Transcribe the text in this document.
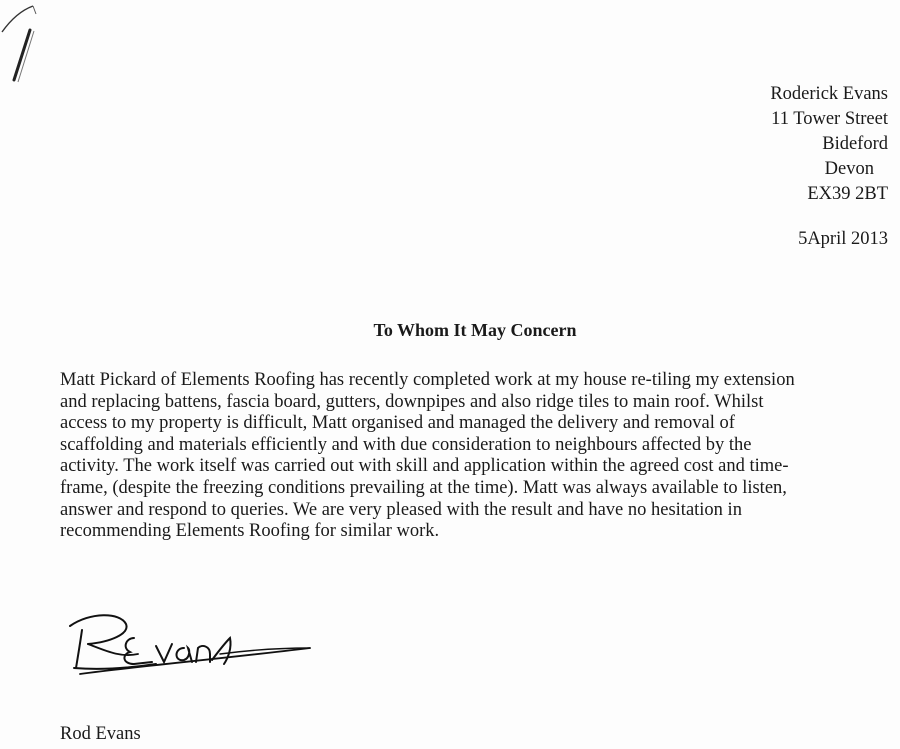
Roderick Evans
11 Tower Street
Bideford
Devon
EX39 2BT
5April 2013
To Whom It May Concern
Matt Pickard of Elements Roofing has recently completed work at my house re-tiling my extension
and replacing battens, fascia board, gutters, downpipes and also ridge tiles to main roof. Whilst
access to my property is difficult, Matt organised and managed the delivery and removal of
scaffolding and materials efficiently and with due consideration to neighbours affected by the
activity. The work itself was carried out with skill and application within the agreed cost and time-
frame, (despite the freezing conditions prevailing at the time). Matt was always available to listen,
answer and respond to queries. We are very pleased with the result and have no hesitation in
recommending Elements Roofing for similar work.
Rod Evans
